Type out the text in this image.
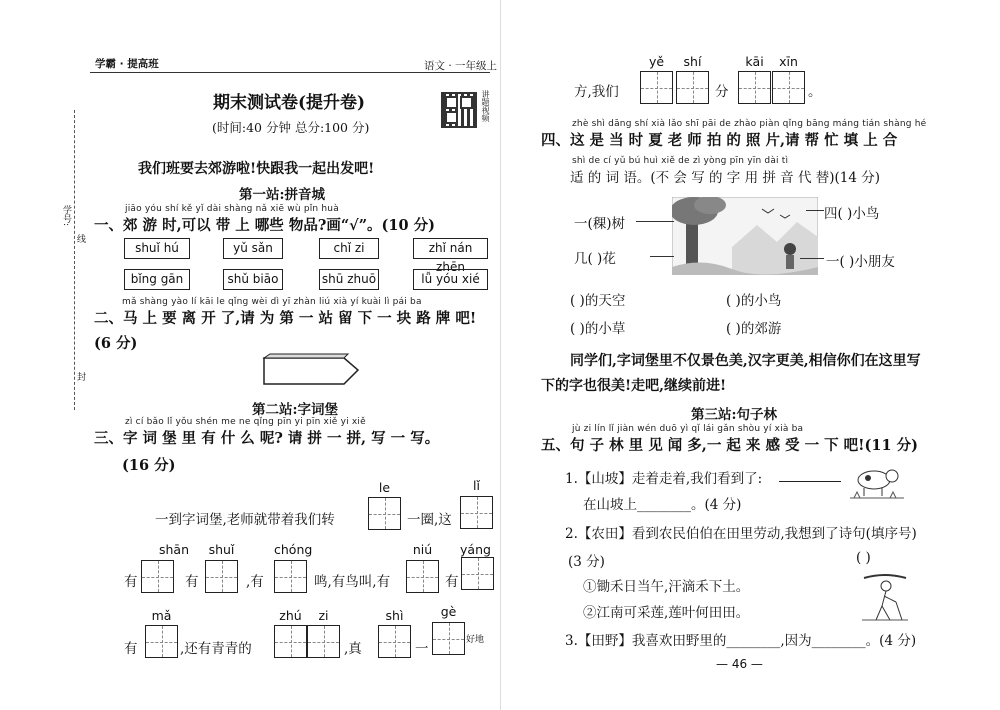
学霸 · 提高班	语文 · 一年级上
学号:
线
封
期末测试卷(提升卷)
(时间:40 分钟 总分:100 分)
讲题视频
我们班要去郊游啦!快跟我一起出发吧!
第一站:拼音城
jiāo yóu shí kě yǐ dài shàng nǎ xiē wù pǐn huà
一、郊 游 时,可以 带 上 哪些 物品?画“√”。(10 分)
shuǐ hú	yǔ sǎn	chǐ zi	zhǐ nán zhēn
bǐng gān	shǔ biāo	shū zhuō	lǚ yóu xié
mǎ shàng yào lí kāi le qǐng wèi dì yī zhàn liú xià yí kuài lì pái ba
二、马 上 要 离 开 了,请 为 第 一 站 留 下 一 块 路 牌 吧!
(6 分)
第二站:字词堡
zì cí bǎo lǐ yǒu shén me ne qǐng pīn yi pīn xiě yi xiě
三、字 词 堡 里 有 什 么 呢? 请 拼 一 拼, 写 一 写。
(16 分)
一到字词堡,老师就带着我们转
le
一圈,这
lǐ
有
shān
有
shuǐ
,有
chóng
鸣,有鸟叫,有
niú
有
yáng
有
mǎ
,还有青青的
zhú	zi
,真
shì
一
gè
好地
方,我们
yě	shí
分
kāi	xīn
。
zhè shì dāng shí xià lǎo shī pāi de zhào piàn qǐng bāng máng tián shàng hé
四、这 是 当 时 夏 老 师 拍 的 照 片,请 帮 忙 填 上 合
shì de cí yǔ bú huì xiě de zì yòng pīn yīn dài tì
适 的 词 语。(不 会 写 的 字 用 拼 音 代 替)(14 分)
一(稞)树
四( )小鸟
几( )花	一( )小朋友
( )的天空	( )的小鸟
( )的小草	( )的郊游
同学们,字词堡里不仅景色美,汉字更美,相信你们在这里写
下的字也很美!走吧,继续前进!
第三站:句子林
jù zi lín lǐ jiàn wén duō yì qǐ lái gǎn shòu yí xià ba
五、句 子 林 里 见 闻 多,一 起 来 感 受 一 下 吧!(11 分)
1.【山坡】走着走着,我们看到了:
在山坡上________。(4 分)
2.【农田】看到农民伯伯在田里劳动,我想到了诗句(填序号)
(3 分)	( )
①锄禾日当午,汗滴禾下土。
②江南可采莲,莲叶何田田。
3.【田野】我喜欢田野里的________,因为________。(4 分)
— 46 —
